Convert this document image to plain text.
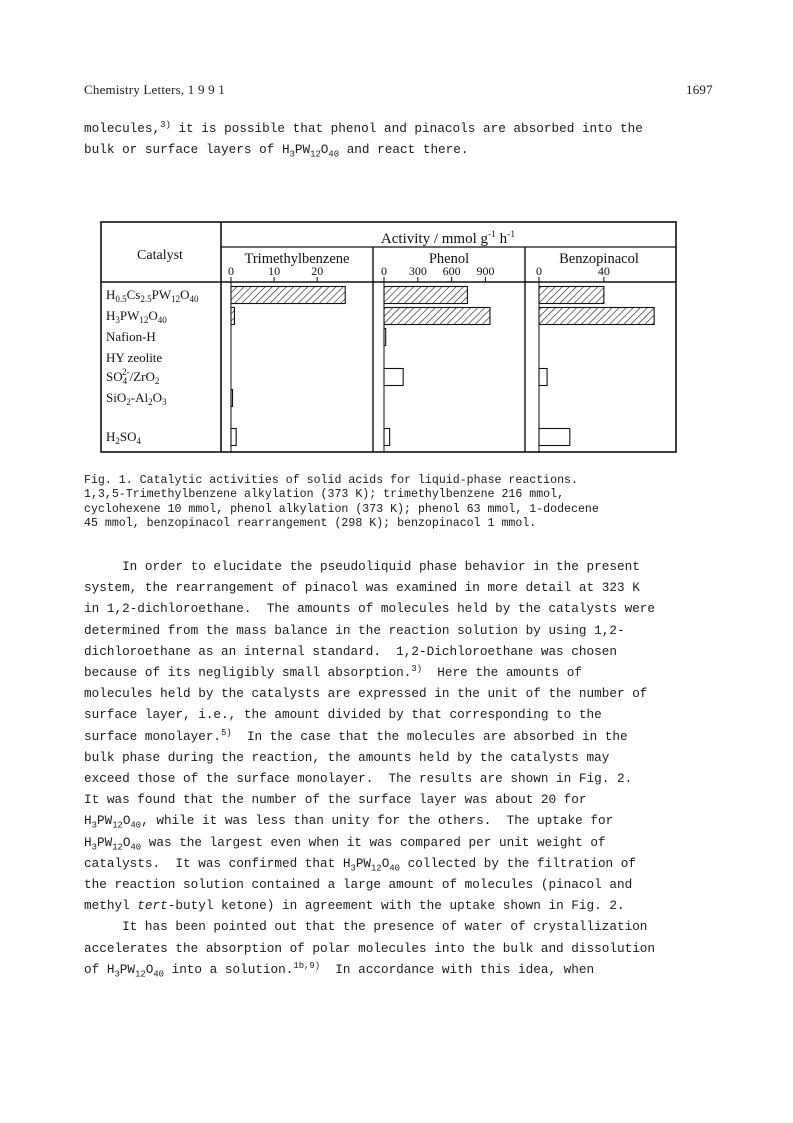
Chemistry Letters, 1 9 9 1	1697

molecules,$^{3)}$ it is possible that phenol and pinacols are absorbed into the
bulk or surface layers of $H_3PW_{12}O_{40}$ and react there.

Catalyst
Activity / mmol $g^{-1}$ $h^{-1}$
$H_{0.5}Cs_{2.5}PW_{12}O_{40}$
$H_3PW_{12}O_{40}$
Nafion-H
HY zeolite
$SO_42-/ZrO_2$
$SiO_2-Al_2O_3$
$H_2SO_4$
Trimethylbenzene
0	10	20
Phenol
0 300 600 900
Benzopinacol
0	40

Fig. 1. Catalytic activities of solid acids for liquid-phase reactions.
1,3,5-Trimethylbenzene alkylation (373 K); trimethylbenzene 216 mmol,
cyclohexene 10 mmol, phenol alkylation (373 K); phenol 63 mmol, 1-dodecene
45 mmol, benzopinacol rearrangement (298 K); benzopinacol 1 mmol.

In order to elucidate the pseudoliquid phase behavior in the present
system, the rearrangement of pinacol was examined in more detail at 323 K
in 1,2-dichloroethane.  The amounts of molecules held by the catalysts were
determined from the mass balance in the reaction solution by using 1,2-
dichloroethane as an internal standard.  1,2-Dichloroethane was chosen
because of its negligibly small absorption.$^{3)}$  Here the amounts of
molecules held by the catalysts are expressed in the unit of the number of
surface layer, i.e., the amount divided by that corresponding to the
surface monolayer.$^{5)}$  In the case that the molecules are absorbed in the
bulk phase during the reaction, the amounts held by the catalysts may
exceed those of the surface monolayer.  The results are shown in Fig. 2.
It was found that the number of the surface layer was about 20 for
$H_3PW_{12}O_{40}$, while it was less than unity for the others.  The uptake for
$H_3PW_{12}O_{40}$ was the largest even when it was compared per unit weight of
catalysts.  It was confirmed that $H_3PW_{12}O_{40}$ collected by the filtration of
the reaction solution contained a large amount of molecules (pinacol and
methyl tert-butyl ketone) in agreement with the uptake shown in Fig. 2.
It has been pointed out that the presence of water of crystallization
accelerates the absorption of polar molecules into the bulk and dissolution
of $H_3PW_{12}O_{40}$ into a solution.$^{1b,9)}$  In accordance with this idea, when
